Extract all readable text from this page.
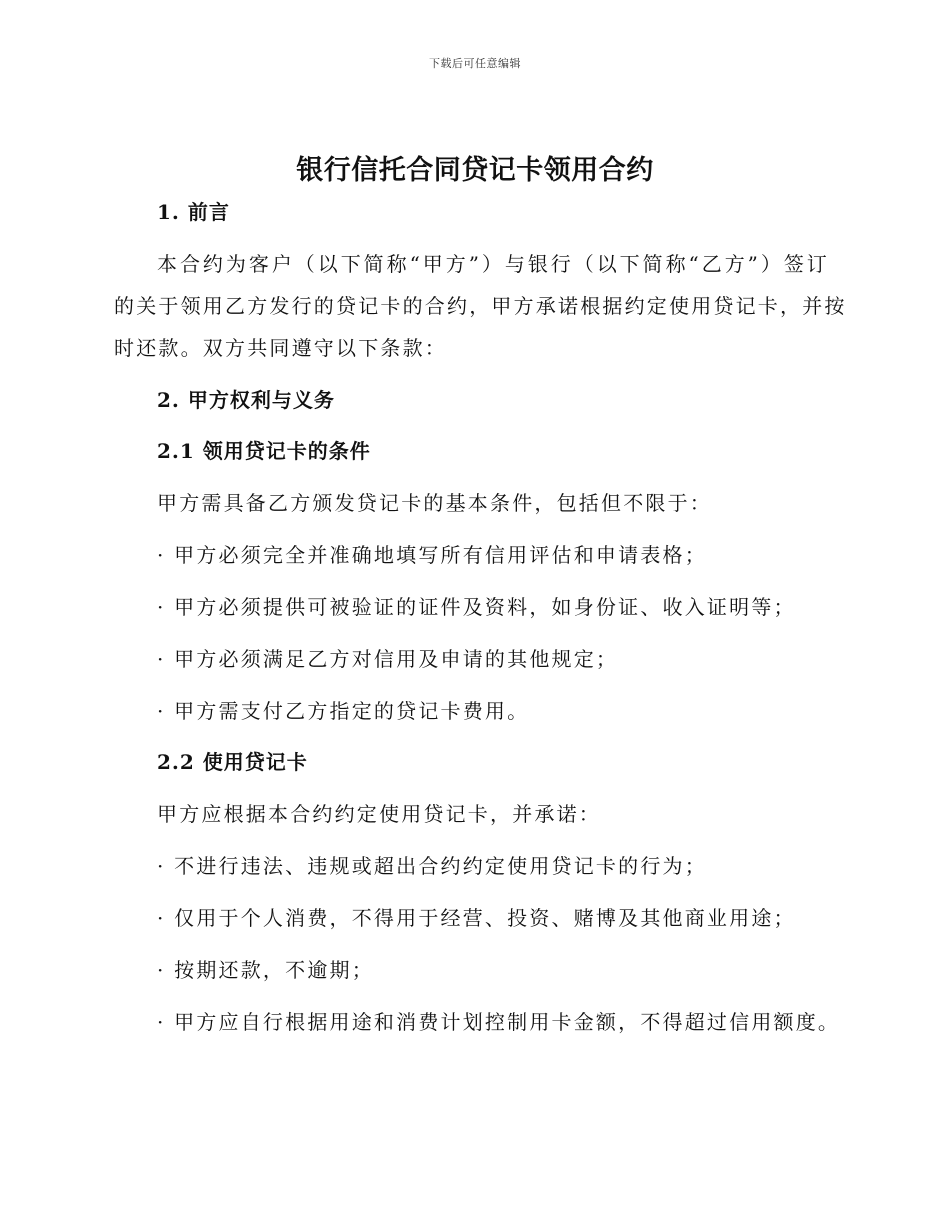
下载后可任意编辑
银行信托合同贷记卡领用合约
1. 前言
本合约为客户（以下简称“甲方”）与银行（以下简称“乙方”）签订
的关于领用乙方发行的贷记卡的合约，甲方承诺根据约定使用贷记卡，并按
时还款。双方共同遵守以下条款：
2. 甲方权利与义务
2.1 领用贷记卡的条件
甲方需具备乙方颁发贷记卡的基本条件，包括但不限于：
· 甲方必须完全并准确地填写所有信用评估和申请表格；
· 甲方必须提供可被验证的证件及资料，如身份证、收入证明等；
· 甲方必须满足乙方对信用及申请的其他规定；
· 甲方需支付乙方指定的贷记卡费用。
2.2 使用贷记卡
甲方应根据本合约约定使用贷记卡，并承诺：
· 不进行违法、违规或超出合约约定使用贷记卡的行为；
· 仅用于个人消费，不得用于经营、投资、赌博及其他商业用途；
· 按期还款，不逾期；
· 甲方应自行根据用途和消费计划控制用卡金额，不得超过信用额度。
